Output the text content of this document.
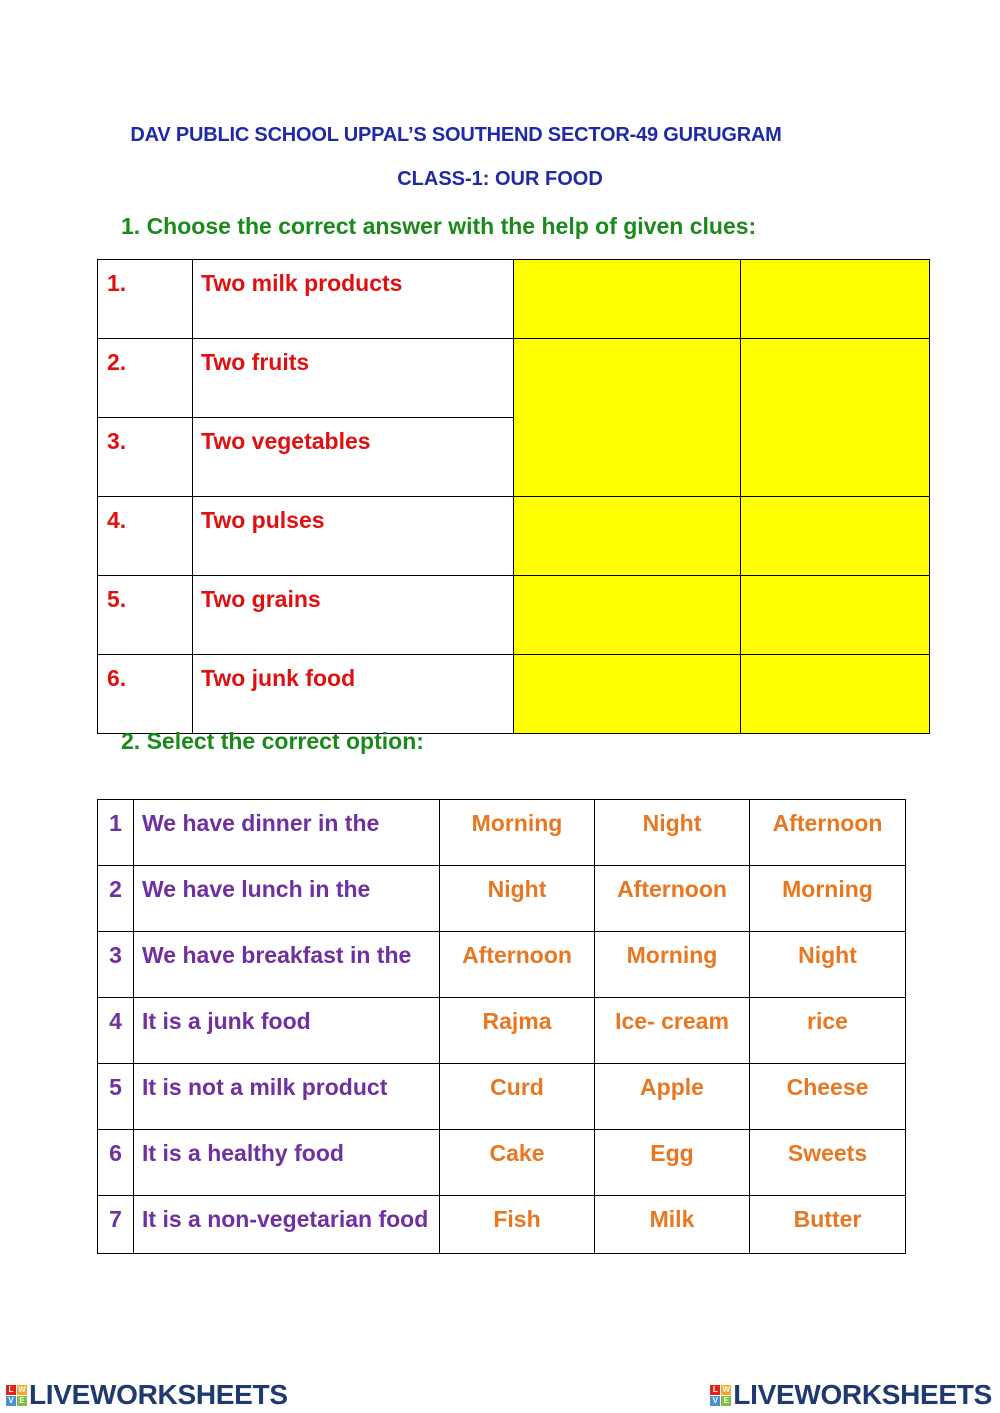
DAV PUBLIC SCHOOL UPPAL’S SOUTHEND SECTOR-49 GURUGRAM
CLASS-1: OUR FOOD
1. Choose the correct answer with the help of given clues:
1.	Two milk products		
2.	Two fruits		
3.	Two vegetables		
4.	Two pulses		
5.	Two grains		
6.	Two junk food		
2. Select the correct option:
1	We have dinner in the	Morning	Night	Afternoon
2	We have lunch in the	Night	Afternoon	Morning
3	We have breakfast in the	Afternoon	Morning	Night
4	It is a junk food	Rajma	Ice- cream	rice
5	It is not a milk product	Curd	Apple	Cheese
6	It is a healthy food	Cake	Egg	Sweets
7	It is a non-vegetarian food	Fish	Milk	Butter
L W
V E LIVEWORKSHEETS	L W
V E LIVEWORKSHEETS
